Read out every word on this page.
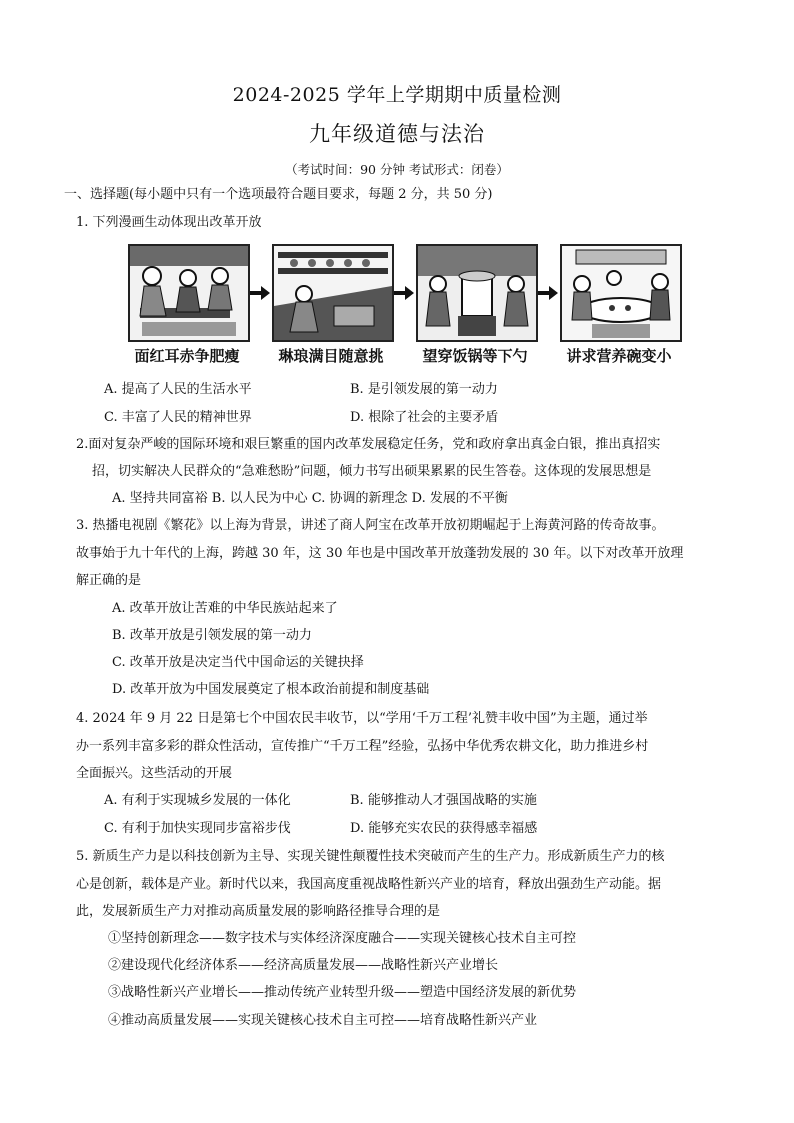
2024-2025 学年上学期期中质量检测
九年级道德与法治
（考试时间：90 分钟 考试形式：闭卷）
一、选择题(每小题中只有一个选项最符合题目要求，每题 2 分，共 50 分)
1. 下列漫画生动体现出改革开放
面红耳赤争肥瘦	琳琅满目随意挑	望穿饭锅等下勺	讲求营养碗变小
A. 提高了人民的生活水平	B. 是引领发展的第一动力
C. 丰富了人民的精神世界	D. 根除了社会的主要矛盾
2.面对复杂严峻的国际环境和艰巨繁重的国内改革发展稳定任务，党和政府拿出真金白银，推出真招实
招，切实解决人民群众的“急难愁盼”问题，倾力书写出硕果累累的民生答卷。这体现的发展思想是
A. 坚持共同富裕 B. 以人民为中心 C. 协调的新理念 D. 发展的不平衡
3. 热播电视剧《繁花》以上海为背景，讲述了商人阿宝在改革开放初期崛起于上海黄河路的传奇故事。
故事始于九十年代的上海，跨越 30 年，这 30 年也是中国改革开放蓬勃发展的 30 年。以下对改革开放理
解正确的是
A. 改革开放让苦难的中华民族站起来了
B. 改革开放是引领发展的第一动力
C. 改革开放是决定当代中国命运的关键抉择
D. 改革开放为中国发展奠定了根本政治前提和制度基础
4. 2024 年 9 月 22 日是第七个中国农民丰收节，以“学用‘千万工程’礼赞丰收中国”为主题，通过举
办一系列丰富多彩的群众性活动，宣传推广“千万工程”经验，弘扬中华优秀农耕文化，助力推进乡村
全面振兴。这些活动的开展
A. 有利于实现城乡发展的一体化	B. 能够推动人才强国战略的实施
C. 有利于加快实现同步富裕步伐	D. 能够充实农民的获得感幸福感
5. 新质生产力是以科技创新为主导、实现关键性颠覆性技术突破而产生的生产力。形成新质生产力的核
心是创新，载体是产业。新时代以来，我国高度重视战略性新兴产业的培育，释放出强劲生产动能。据
此，发展新质生产力对推动高质量发展的影响路径推导合理的是
①坚持创新理念——数字技术与实体经济深度融合——实现关键核心技术自主可控
②建设现代化经济体系——经济高质量发展——战略性新兴产业增长
③战略性新兴产业增长——推动传统产业转型升级——塑造中国经济发展的新优势
④推动高质量发展——实现关键核心技术自主可控——培育战略性新兴产业
